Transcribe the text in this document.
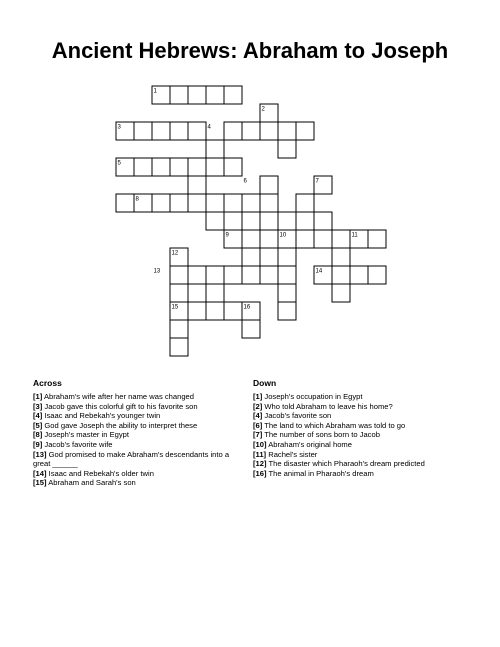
Ancient Hebrews: Abraham to Joseph
1
2
3	4
5
6	7
8
9	10	11
12
13	14
15	16
Across	Down
[1] Abraham's wife after her name was changed
[3] Jacob gave this colorful gift to his favorite son
[4] Isaac and Rebekah's younger twin
[5] God gave Joseph the ability to interpret these
[8] Joseph's master in Egypt
[9] Jacob's favorite wife
[13] God promised to make Abraham's descendants into a great ______
[14] Isaac and Rebekah's older twin
[15] Abraham and Sarah's son
[1] Joseph's occupation in Egypt
[2] Who told Abraham to leave his home?
[4] Jacob's favorite son
[6] The land to which Abraham was told to go
[7] The number of sons born to Jacob
[10] Abraham's original home
[11] Rachel's sister
[12] The disaster which Pharaoh's dream predicted
[16] The animal in Pharaoh's dream
